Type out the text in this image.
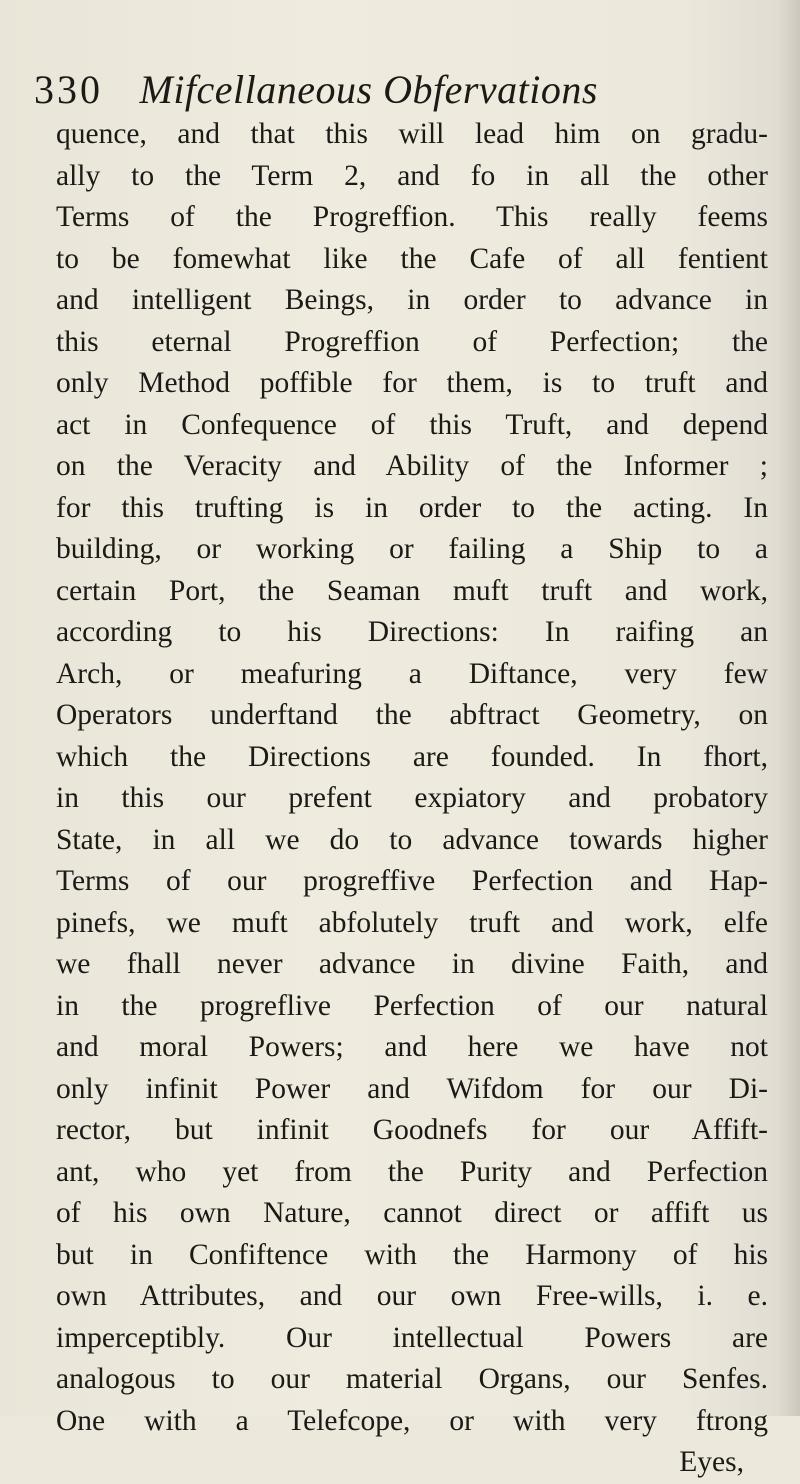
330 Mifcellaneous Obfervations
quence, and that this will lead him on gradu-
ally to the Term 2, and fo in all the other
Terms of the Progreffion. This really feems
to be fomewhat like the Cafe of all fentient
and intelligent Beings, in order to advance in
this eternal Progreffion of Perfection; the
only Method poffible for them, is to truft and
act in Confequence of this Truft, and depend
on the Veracity and Ability of the Informer ;
for this trufting is in order to the acting. In
building, or working or failing a Ship to a
certain Port, the Seaman muft truft and work,
according to his Directions: In raifing an
Arch, or meafuring a Diftance, very few
Operators underftand the abftract Geometry, on
which the Directions are founded. In fhort,
in this our prefent expiatory and probatory
State, in all we do to advance towards higher
Terms of our progreffive Perfection and Hap-
pinefs, we muft abfolutely truft and work, elfe
we fhall never advance in divine Faith, and
in the progreflive Perfection of our natural
and moral Powers; and here we have not
only infinit Power and Wifdom for our Di-
rector, but infinit Goodnefs for our Affift-
ant, who yet from the Purity and Perfection
of his own Nature, cannot direct or affift us
but in Confiftence with the Harmony of his
own Attributes, and our own Free-wills, i. e.
imperceptibly. Our intellectual Powers are
analogous to our material Organs, our Senfes.
One with a Telefcope, or with very ftrong
Eyes,
